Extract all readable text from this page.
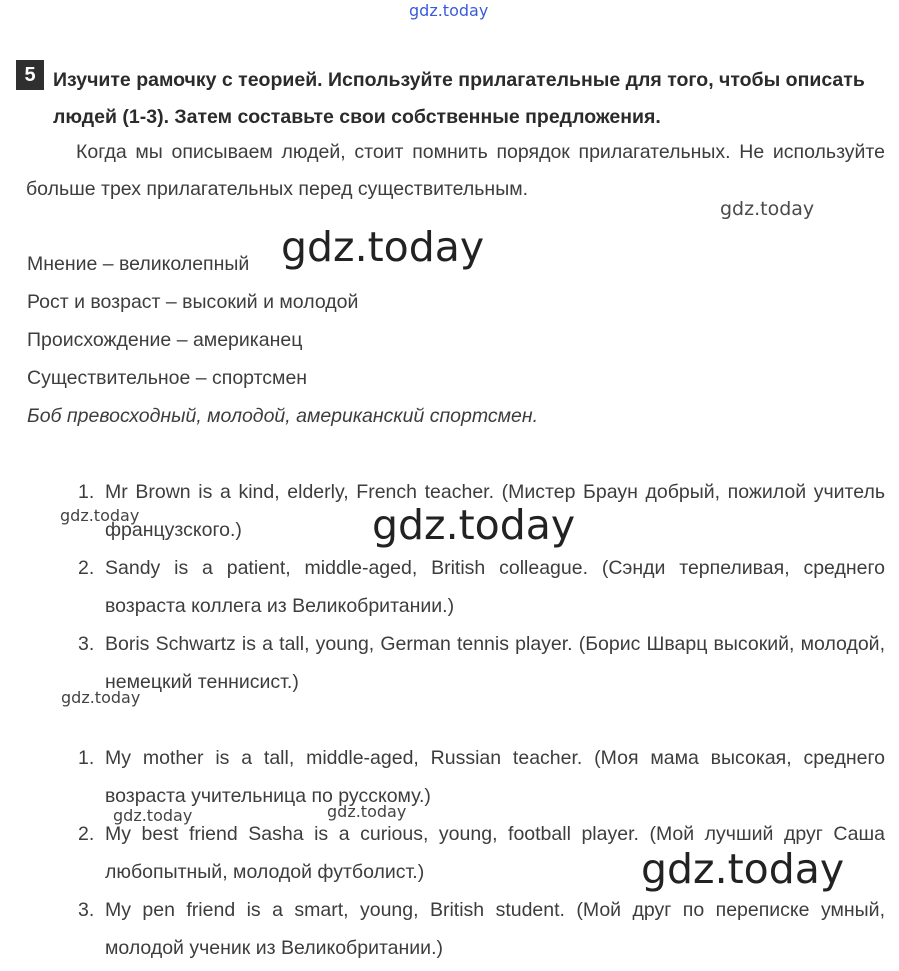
gdz.today
5 Изучите рамочку с теорией. Используйте прилагательные для того, чтобы описать людей (1-3). Затем составьте свои собственные предложения.
Когда мы описываем людей, стоит помнить порядок прилагательных. Не используйте больше трех прилагательных перед существительным.
gdz.today
Мнение – великолепный
Рост и возраст – высокий и молодой
Происхождение – американец
Существительное – спортсмен
Боб превосходный, молодой, американский спортсмен.
gdz.today
1. Mr Brown is a kind, elderly, French teacher. (Мистер Браун добрый, пожилой учитель французского.)
2. Sandy is a patient, middle-aged, British colleague. (Сэнди терпеливая, среднего возраста коллега из Великобритании.)
3. Boris Schwartz is a tall, young, German tennis player. (Борис Шварц высокий, молодой, немецкий теннисист.)
gdz.today
gdz.today
gdz.today
1. My mother is a tall, middle-aged, Russian teacher. (Моя мама высокая, среднего возраста учительница по русскому.)
2. My best friend Sasha is a curious, young, football player. (Мой лучший друг Саша любопытный, молодой футболист.)
3. My pen friend is a smart, young, British student. (Мой друг по переписке умный, молодой ученик из Великобритании.)
gdz.today	gdz.today
gdz.today
